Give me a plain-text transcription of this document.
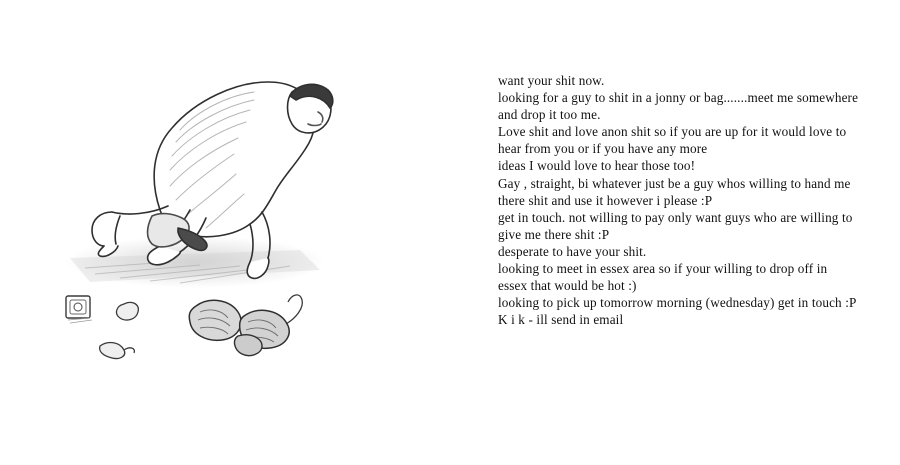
want your shit now.
looking for a guy to shit in a jonny or bag.......meet me somewhere
and drop it too me.
Love shit and love anon shit so if you are up for it would love to
hear from you or if you have any more
ideas I would love to hear those too!
Gay , straight, bi whatever just be a guy whos willing to hand me
there shit and use it however i please :P
get in touch. not willing to pay only want guys who are willing to
give me there shit :P
desperate to have your shit.
looking to meet in essex area so if your willing to drop off in
essex that would be hot :)
looking to pick up tomorrow morning (wednesday) get in touch :P
K i k - ill send in email
